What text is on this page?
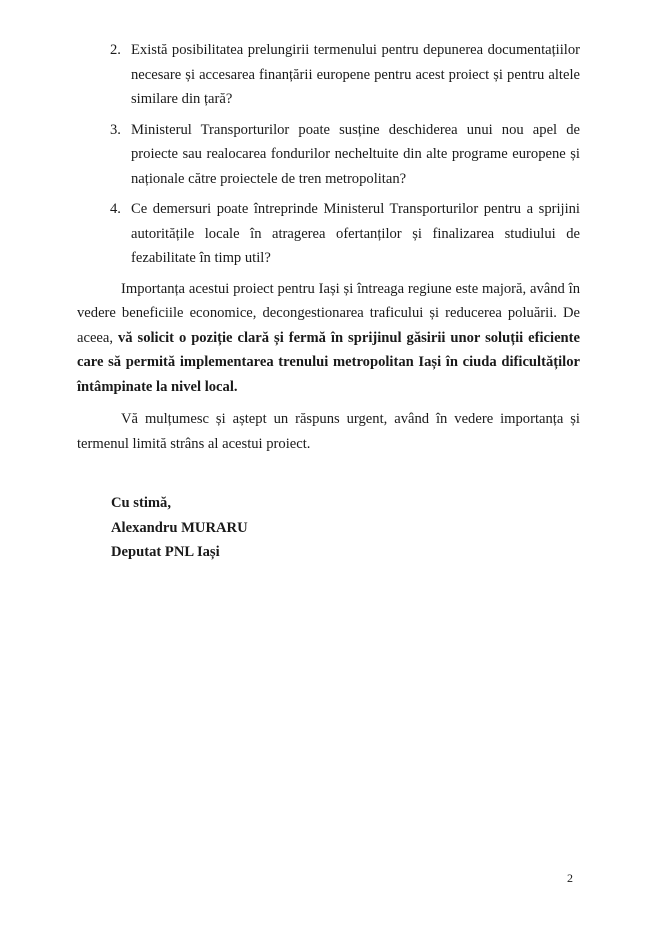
2. Există posibilitatea prelungirii termenului pentru depunerea documentațiilor necesare și accesarea finanțării europene pentru acest proiect și pentru altele similare din țară?
3. Ministerul Transporturilor poate susține deschiderea unui nou apel de proiecte sau realocarea fondurilor necheltuite din alte programe europene și naționale către proiectele de tren metropolitan?
4. Ce demersuri poate întreprinde Ministerul Transporturilor pentru a sprijini autoritățile locale în atragerea ofertanților și finalizarea studiului de fezabilitate în timp util?

Importanța acestui proiect pentru Iași și întreaga regiune este majoră, având în vedere beneficiile economice, decongestionarea traficului și reducerea poluării. De aceea, vă solicit o poziție clară și fermă în sprijinul găsirii unor soluții eficiente care să permită implementarea trenului metropolitan Iași în ciuda dificultăților întâmpinate la nivel local.

Vă mulțumesc și aștept un răspuns urgent, având în vedere importanța și termenul limită strâns al acestui proiect.

Cu stimă,
Alexandru MURARU
Deputat PNL Iași
2
